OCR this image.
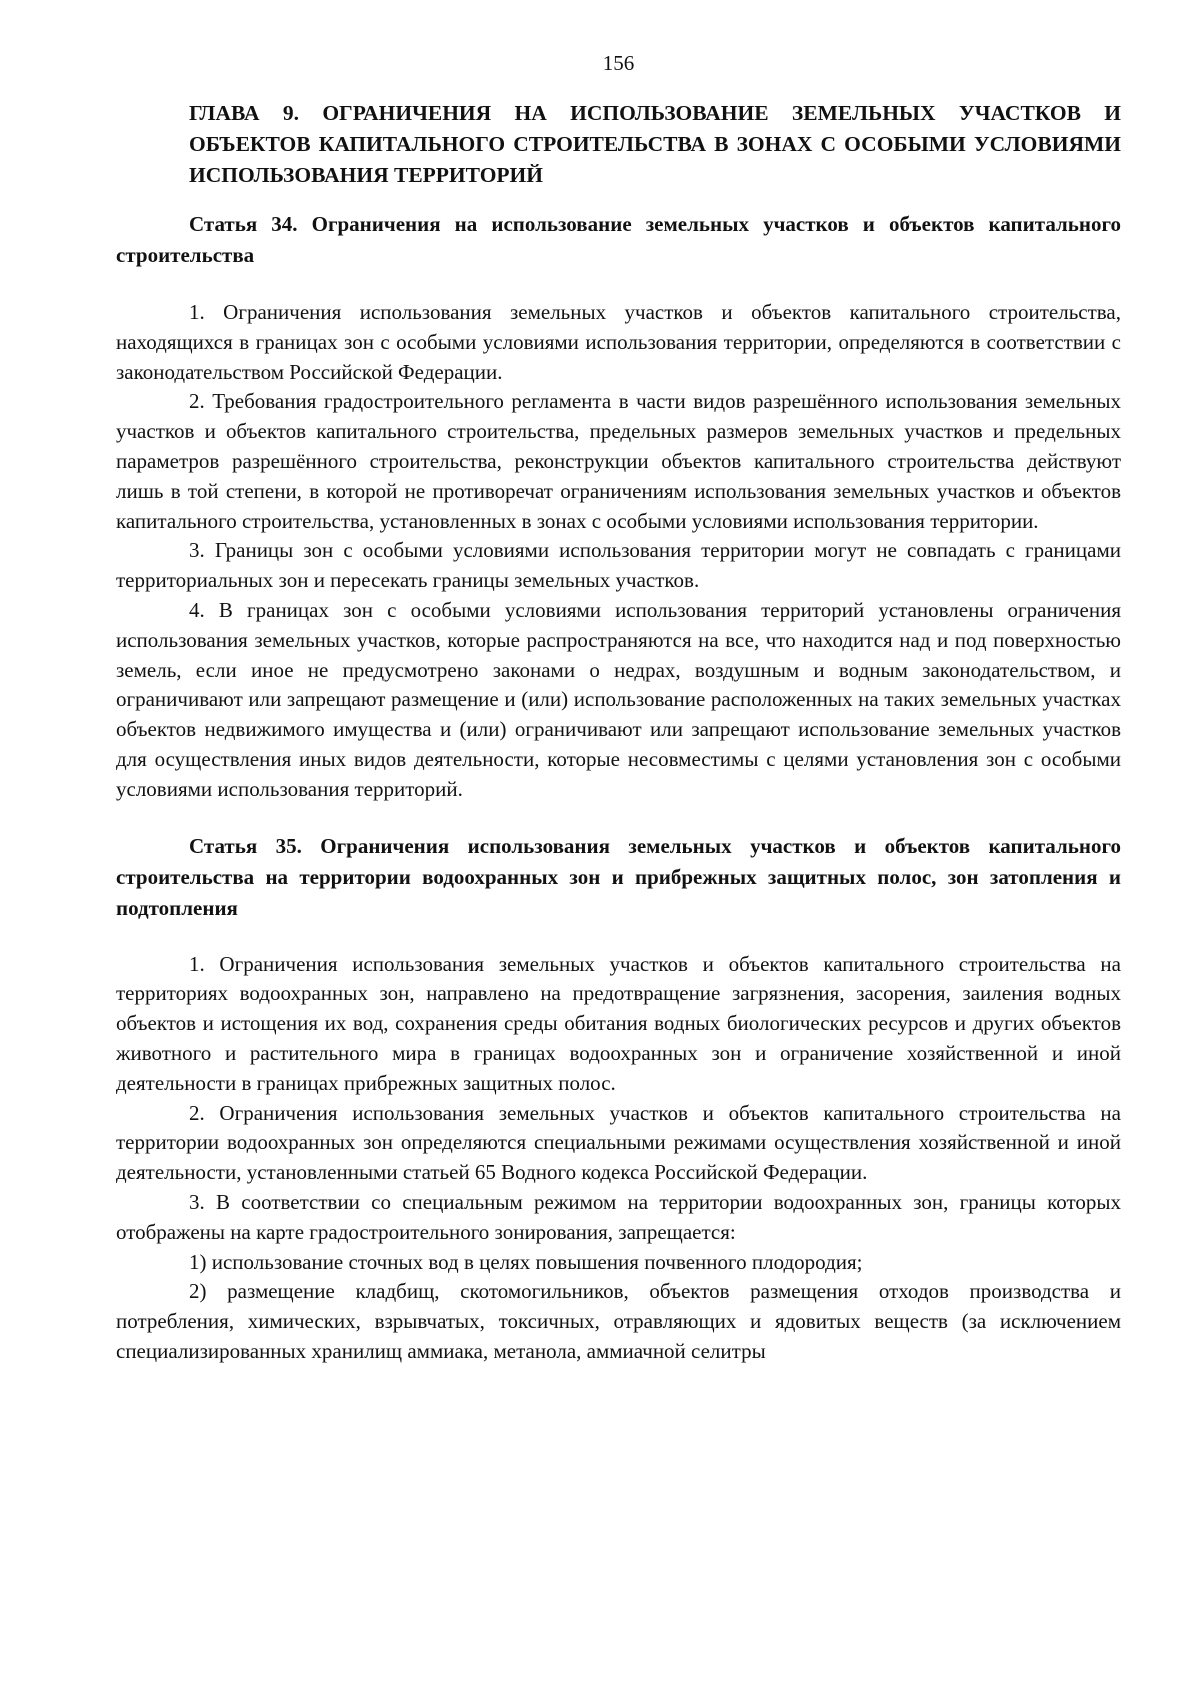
156
ГЛАВА 9. ОГРАНИЧЕНИЯ НА ИСПОЛЬЗОВАНИЕ ЗЕМЕЛЬНЫХ УЧАСТКОВ И ОБЪЕКТОВ КАПИТАЛЬНОГО СТРОИТЕЛЬСТВА В ЗОНАХ С ОСОБЫМИ УСЛОВИЯМИ ИСПОЛЬЗОВАНИЯ ТЕРРИТОРИЙ
Статья 34. Ограничения на использование земельных участков и объектов капитального строительства

1. Ограничения использования земельных участков и объектов капитального строительства, находящихся в границах зон с особыми условиями использования территории, определяются в соответствии с законодательством Российской Федерации.

2. Требования градостроительного регламента в части видов разрешённого использования земельных участков и объектов капитального строительства, предельных размеров земельных участков и предельных параметров разрешённого строительства, реконструкции объектов капитального строительства действуют лишь в той степени, в которой не противоречат ограничениям использования земельных участков и объектов капитального строительства, установленных в зонах с особыми условиями использования территории.

3. Границы зон с особыми условиями использования территории могут не совпадать с границами территориальных зон и пересекать границы земельных участков.

4. В границах зон с особыми условиями использования территорий установлены ограничения использования земельных участков, которые распространяются на все, что находится над и под поверхностью земель, если иное не предусмотрено законами о недрах, воздушным и водным законодательством, и ограничивают или запрещают размещение и (или) использование расположенных на таких земельных участках объектов недвижимого имущества и (или) ограничивают или запрещают использование земельных участков для осуществления иных видов деятельности, которые несовместимы с целями установления зон с особыми условиями использования территорий.

Статья 35. Ограничения использования земельных участков и объектов капитального строительства на территории водоохранных зон и прибрежных защитных полос, зон затопления и подтопления

1. Ограничения использования земельных участков и объектов капитального строительства на территориях водоохранных зон, направлено на предотвращение загрязнения, засорения, заиления водных объектов и истощения их вод, сохранения среды обитания водных биологических ресурсов и других объектов животного и растительного мира в границах водоохранных зон и ограничение хозяйственной и иной деятельности в границах прибрежных защитных полос.

2. Ограничения использования земельных участков и объектов капитального строительства на территории водоохранных зон определяются специальными режимами осуществления хозяйственной и иной деятельности, установленными статьей 65 Водного кодекса Российской Федерации.

3. В соответствии со специальным режимом на территории водоохранных зон, границы которых отображены на карте градостроительного зонирования, запрещается:

1) использование сточных вод в целях повышения почвенного плодородия;

2) размещение кладбищ, скотомогильников, объектов размещения отходов производства и потребления, химических, взрывчатых, токсичных, отравляющих и ядовитых веществ (за исключением специализированных хранилищ аммиака, метанола, аммиачной селитры
